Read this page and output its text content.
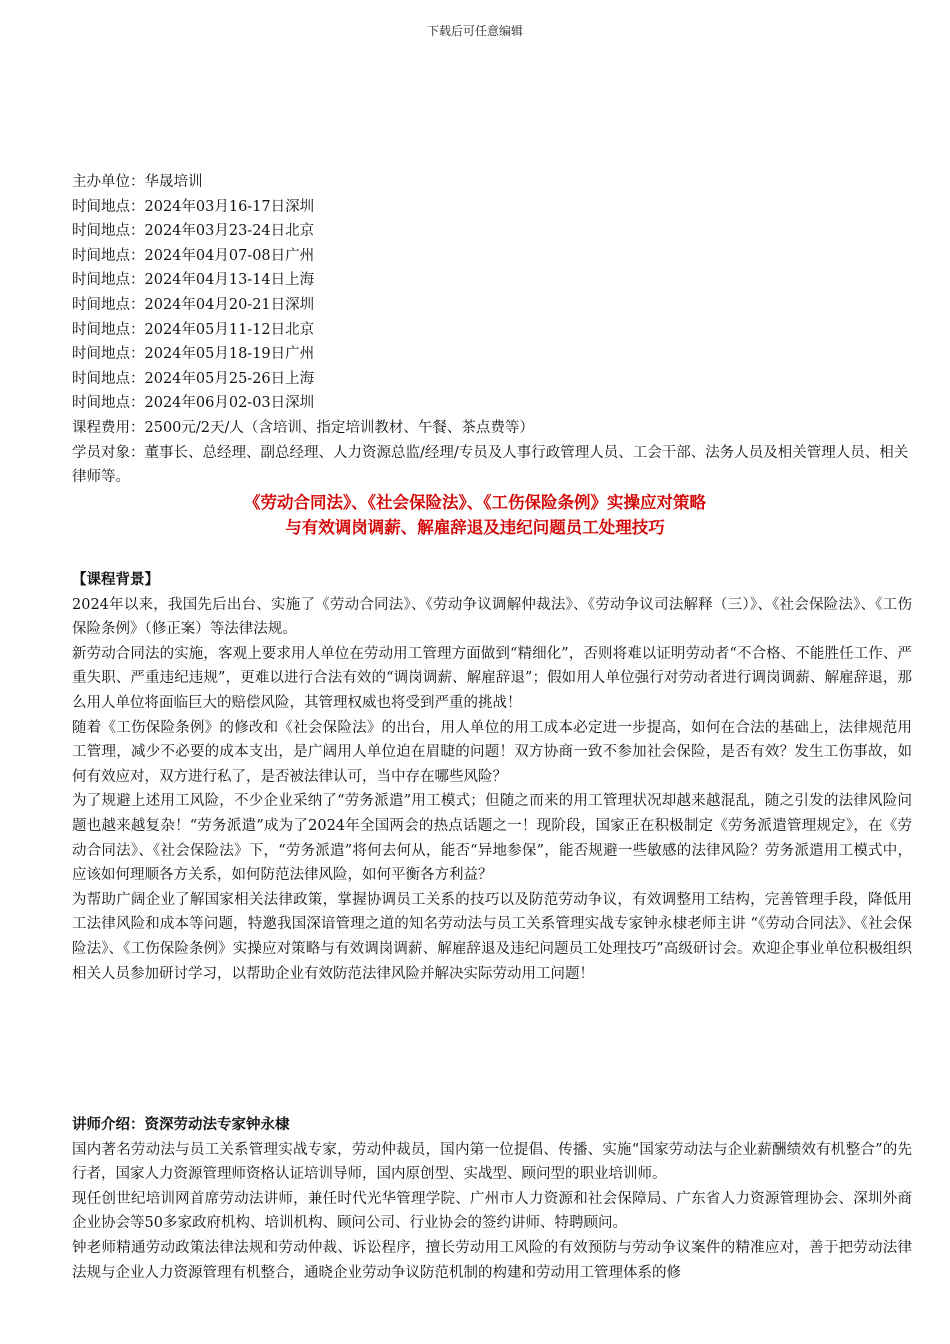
下载后可任意编辑
主办单位：华晟培训
时间地点：2024年03月16-17日深圳
时间地点：2024年03月23-24日北京
时间地点：2024年04月07-08日广州
时间地点：2024年04月13-14日上海
时间地点：2024年04月20-21日深圳
时间地点：2024年05月11-12日北京
时间地点：2024年05月18-19日广州
时间地点：2024年05月25-26日上海
时间地点：2024年06月02-03日深圳
课程费用：2500元/2天/人（含培训、指定培训教材、午餐、茶点费等）
学员对象：董事长、总经理、副总经理、人力资源总监/经理/专员及人事行政管理人员、工会干部、法务人员及相关管理人员、相关律师等。
《劳动合同法》、《社会保险法》、《工伤保险条例》实操应对策略
与有效调岗调薪、解雇辞退及违纪问题员工处理技巧
【课程背景】

2024年以来，我国先后出台、实施了《劳动合同法》、《劳动争议调解仲裁法》、《劳动争议司法解释（三）》、《社会保险法》、《工伤保险条例》（修正案）等法律法规。

新劳动合同法的实施，客观上要求用人单位在劳动用工管理方面做到“精细化”，否则将难以证明劳动者“不合格、不能胜任工作、严重失职、严重违纪违规”，更难以进行合法有效的“调岗调薪、解雇辞退”；假如用人单位强行对劳动者进行调岗调薪、解雇辞退，那么用人单位将面临巨大的赔偿风险，其管理权威也将受到严重的挑战！

随着《工伤保险条例》的修改和《社会保险法》的出台，用人单位的用工成本必定进一步提高，如何在合法的基础上，法律规范用工管理，减少不必要的成本支出，是广阔用人单位迫在眉睫的问题！双方协商一致不参加社会保险，是否有效？发生工伤事故，如何有效应对，双方进行私了，是否被法律认可，当中存在哪些风险？

为了规避上述用工风险，不少企业采纳了“劳务派遣”用工模式；但随之而来的用工管理状况却越来越混乱，随之引发的法律风险问题也越来越复杂！“劳务派遣”成为了2024年全国两会的热点话题之一！现阶段，国家正在积极制定《劳务派遣管理规定》，在《劳动合同法》、《社会保险法》下，“劳务派遣”将何去何从，能否“异地参保”，能否规避一些敏感的法律风险？劳务派遣用工模式中，应该如何理顺各方关系，如何防范法律风险，如何平衡各方利益？

为帮助广阔企业了解国家相关法律政策，掌握协调员工关系的技巧以及防范劳动争议，有效调整用工结构，完善管理手段，降低用工法律风险和成本等问题，特邀我国深谙管理之道的知名劳动法与员工关系管理实战专家钟永棣老师主讲 “《劳动合同法》、《社会保险法》、《工伤保险条例》实操应对策略与有效调岗调薪、解雇辞退及违纪问题员工处理技巧”高级研讨会。欢迎企事业单位积极组织相关人员参加研讨学习，以帮助企业有效防范法律风险并解决实际劳动用工问题！

讲师介绍：资深劳动法专家钟永棣

国内著名劳动法与员工关系管理实战专家，劳动仲裁员，国内第一位提倡、传播、实施“国家劳动法与企业薪酬绩效有机整合”的先行者，国家人力资源管理师资格认证培训导师，国内原创型、实战型、顾问型的职业培训师。

现任创世纪培训网首席劳动法讲师，兼任时代光华管理学院、广州市人力资源和社会保障局、广东省人力资源管理协会、深圳外商企业协会等50多家政府机构、培训机构、顾问公司、行业协会的签约讲师、特聘顾问。

钟老师精通劳动政策法律法规和劳动仲裁、诉讼程序，擅长劳动用工风险的有效预防与劳动争议案件的精准应对，善于把劳动法律法规与企业人力资源管理有机整合，通晓企业劳动争议防范机制的构建和劳动用工管理体系的修
